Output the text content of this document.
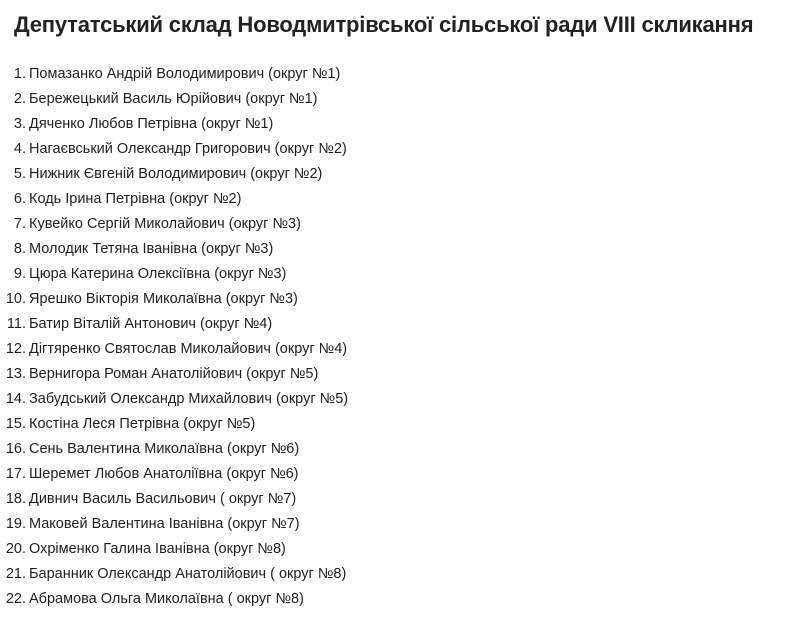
Депутатський склад Новодмитрівської сільської ради VIII скликання
1. Помазанко Андрій Володимирович (округ №1)
2. Бережецький Василь Юрійович (округ №1)
3. Дяченко Любов Петрівна (округ №1)
4. Нагаєвський Олександр Григорович (округ №2)
5. Нижник Євгеній Володимирович (округ №2)
6. Кодь Ірина Петрівна (округ №2)
7. Кувейко Сергій Миколайович (округ №3)
8. Молодик Тетяна Іванівна (округ №3)
9. Цюра Катерина Олексіївна (округ №3)
10. Ярешко Вікторія Миколаївна (округ №3)
11. Батир Віталій Антонович (округ №4)
12. Дігтяренко Святослав Миколайович (округ №4)
13. Вернигора Роман Анатолійович (округ №5)
14. Забудський Олександр Михайлович (округ №5)
15. Костіна Леся Петрівна (округ №5)
16. Сень Валентина Миколаївна (округ №6)
17. Шеремет Любов Анатоліївна (округ №6)
18. Дивнич Василь Васильович ( округ №7)
19. Маковей Валентина Іванівна (округ №7)
20. Охріменко Галина Іванівна (округ №8)
21. Баранник Олександр Анатолійович ( округ №8)
22. Абрамова Ольга Миколаївна ( округ №8)
